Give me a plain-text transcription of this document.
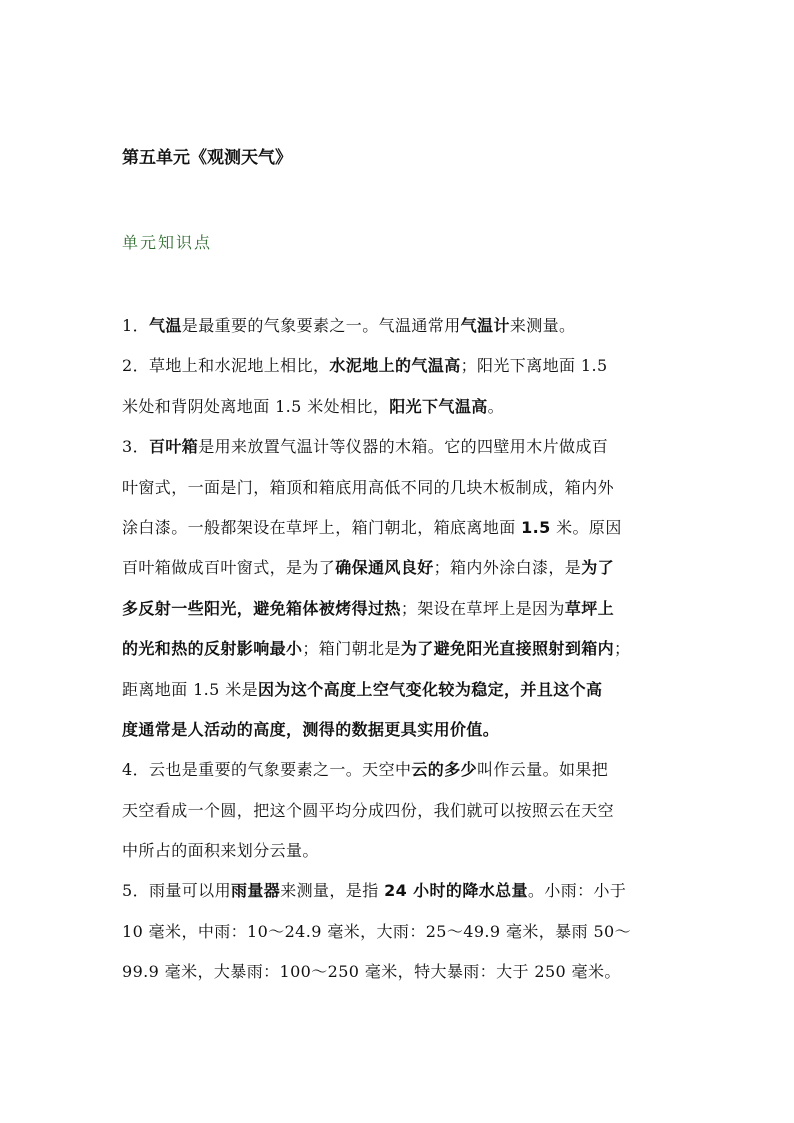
第五单元《观测天气》
单元知识点
1．气温是最重要的气象要素之一。气温通常用气温计来测量。
2．草地上和水泥地上相比，水泥地上的气温高；阳光下离地面 1.5
米处和背阴处离地面 1.5 米处相比，阳光下气温高。
3．百叶箱是用来放置气温计等仪器的木箱。它的四壁用木片做成百
叶窗式，一面是门，箱顶和箱底用高低不同的几块木板制成，箱内外
涂白漆。一般都架设在草坪上，箱门朝北，箱底离地面 1.5 米。原因
百叶箱做成百叶窗式，是为了确保通风良好；箱内外涂白漆，是为了
多反射一些阳光，避免箱体被烤得过热；架设在草坪上是因为草坪上
的光和热的反射影响最小；箱门朝北是为了避免阳光直接照射到箱内；
距离地面 1.5 米是因为这个高度上空气变化较为稳定，并且这个高
度通常是人活动的高度，测得的数据更具实用价值。
4．云也是重要的气象要素之一。天空中云的多少叫作云量。如果把
天空看成一个圆，把这个圆平均分成四份，我们就可以按照云在天空
中所占的面积来划分云量。
5．雨量可以用雨量器来测量，是指 24 小时的降水总量。小雨：小于
10 毫米，中雨：10～24.9 毫米，大雨：25～49.9 毫米，暴雨 50～
99.9 毫米，大暴雨：100～250 毫米，特大暴雨：大于 250 毫米。
